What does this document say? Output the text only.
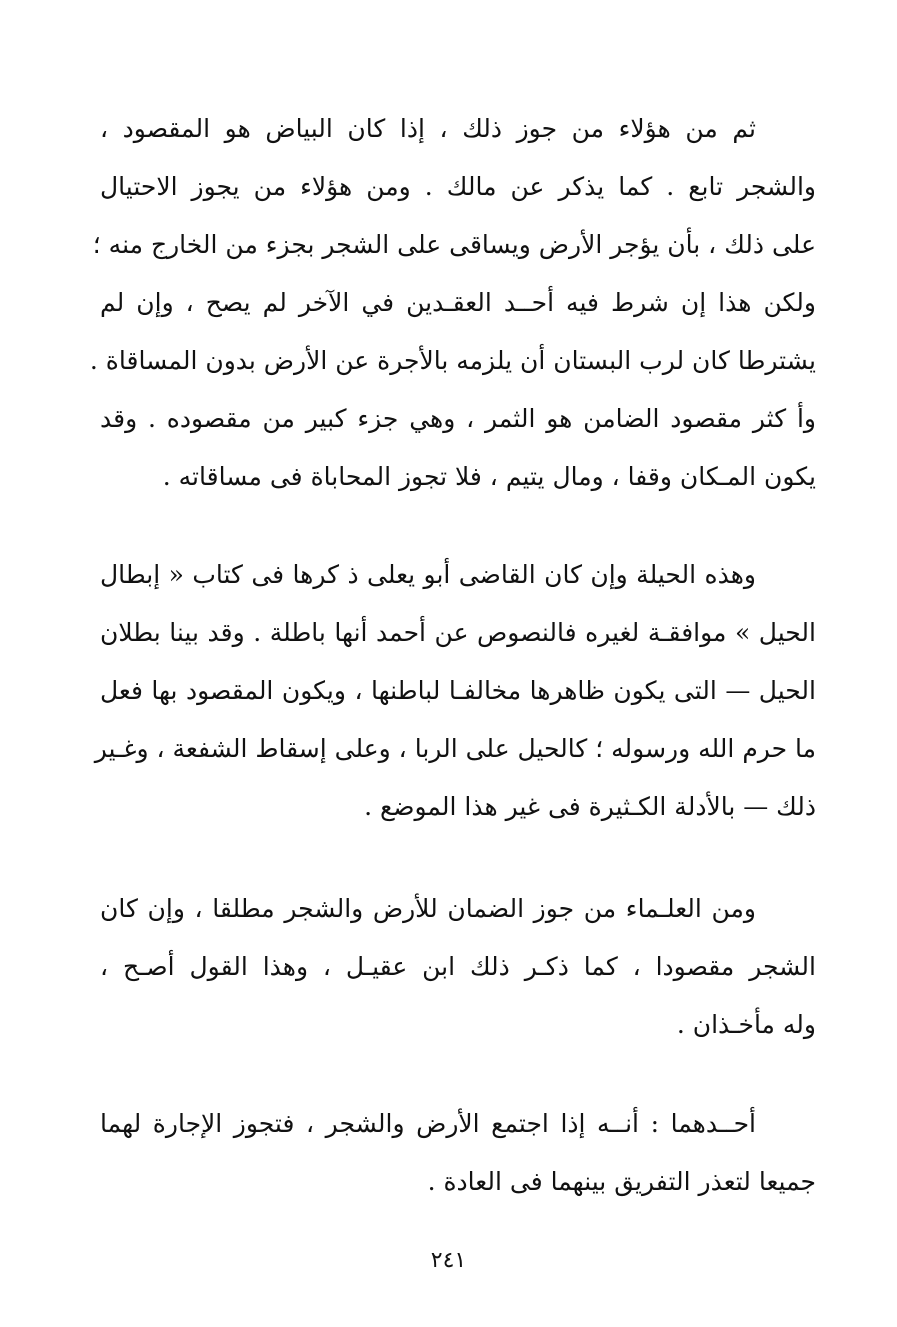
ثم من هؤلاء من جوز ذلك ، إذا كان البياض هو المقصود ،
والشجر تابع . كما يذكر عن مالك . ومن هؤلاء من يجوز الاحتيال
على ذلك ، بأن يؤجر الأرض ويساقى على الشجر بجزء من الخارج منه ؛
ولكن هذا إن شرط فيه أحــد العقـدين في الآخر لم يصح ، وإن لم
يشترطا كان لرب البستان أن يلزمه بالأجرة عن الأرض بدون المساقاة .
وأ كثر مقصود الضامن هو الثمر ، وهي جزء كبير من مقصوده . وقد
يكون المـكان وقفا ، ومال يتيم ، فلا تجوز المحاباة فى مساقاته .
وهذه الحيلة وإن كان القاضى أبو يعلى ذ كرها فى كتاب « إبطال
الحيل » موافقـة لغيره فالنصوص عن أحمد أنها باطلة . وقد بينا بطلان
الحيل — التى يكون ظاهرها مخالفـا لباطنها ، ويكون المقصود بها فعل
ما حرم الله ورسوله ؛ كالحيل على الربا ، وعلى إسقاط الشفعة ، وغـير
ذلك — بالأدلة الكـثيرة فى غير هذا الموضع .
ومن العلـماء من جوز الضمان للأرض والشجر مطلقا ، وإن كان
الشجر مقصودا ، كما ذكـر ذلك ابن عقيـل ، وهذا القول أصـح ،
وله مأخـذان .
أحــدهما : أنــه إذا اجتمع الأرض والشجر ، فتجوز الإجارة لهما
جميعا لتعذر التفريق بينهما فى العادة .
٢٤١
